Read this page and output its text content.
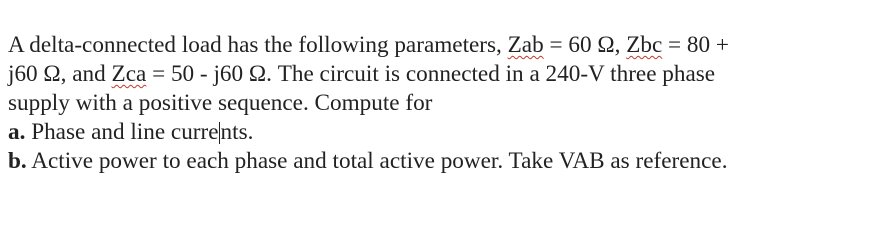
A delta-connected load has the following parameters, Zab = 60 Ω, Zbc = 80 +
j60 Ω, and Zca = 50 - j60 Ω. The circuit is connected in a 240-V three phase
supply with a positive sequence. Compute for
a. Phase and line currents.
b. Active power to each phase and total active power. Take VAB as reference.
